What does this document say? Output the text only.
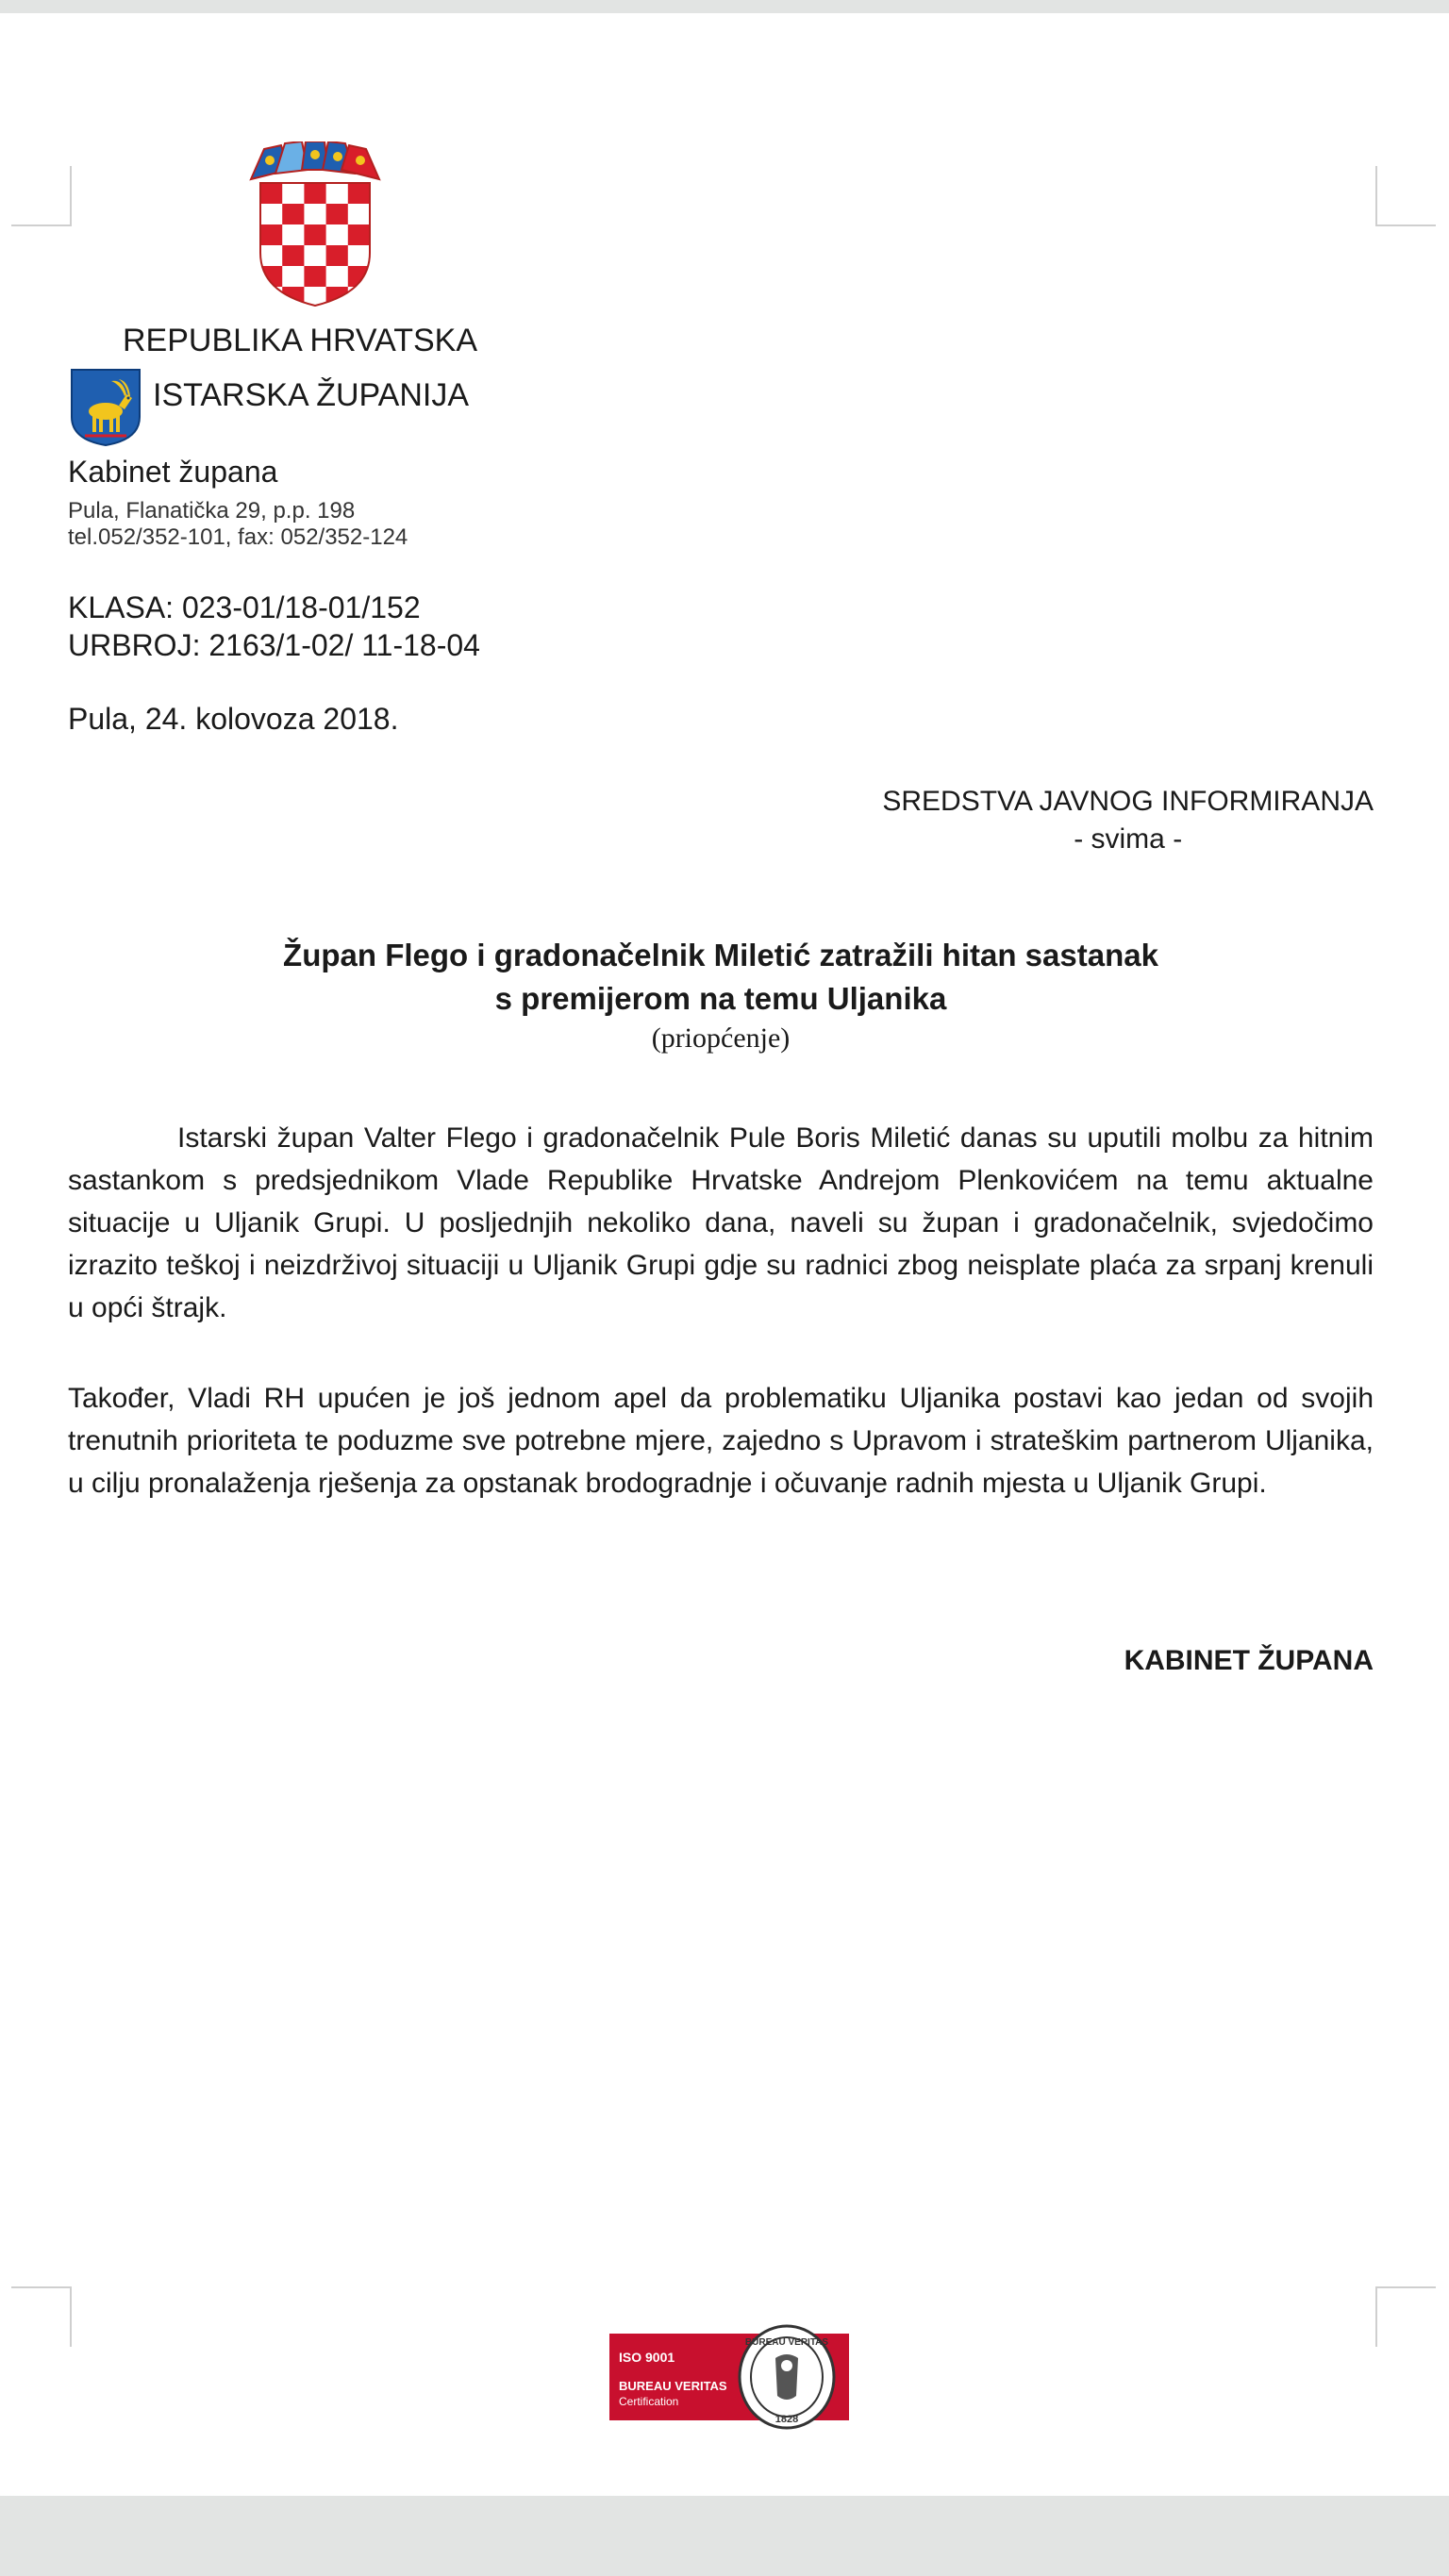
REPUBLIKA HRVATSKA
ISTARSKA ŽUPANIJA
Kabinet župana
Pula, Flanatička 29, p.p. 198
tel.052/352-101, fax: 052/352-124
KLASA: 023-01/18-01/152
URBROJ: 2163/1-02/ 11-18-04
Pula, 24. kolovoza 2018.
SREDSTVA JAVNOG INFORMIRANJA
- svima -
Župan Flego i gradonačelnik Miletić zatražili hitan sastanak
s premijerom na temu Uljanika
(priopćenje)

Istarski župan Valter Flego i gradonačelnik Pule Boris Miletić danas su uputili molbu za hitnim sastankom s predsjednikom Vlade Republike Hrvatske Andrejom Plenkovićem na temu aktualne situacije u Uljanik Grupi. U posljednjih nekoliko dana, naveli su župan i gradonačelnik, svjedočimo izrazito teškoj i neizdrživoj situaciji u Uljanik Grupi gdje su radnici zbog neisplate plaća za srpanj krenuli u opći štrajk.

Također, Vladi RH upućen je još jednom apel da problematiku Uljanika postavi kao jedan od svojih trenutnih prioriteta te poduzme sve potrebne mjere, zajedno s Upravom i strateškim partnerom Uljanika, u cilju pronalaženja rješenja za opstanak brodogradnje i očuvanje radnih mjesta u Uljanik Grupi.

KABINET ŽUPANA
ISO 9001
BUREAU VERITAS
Certification
BUREAU VERITAS
1828
